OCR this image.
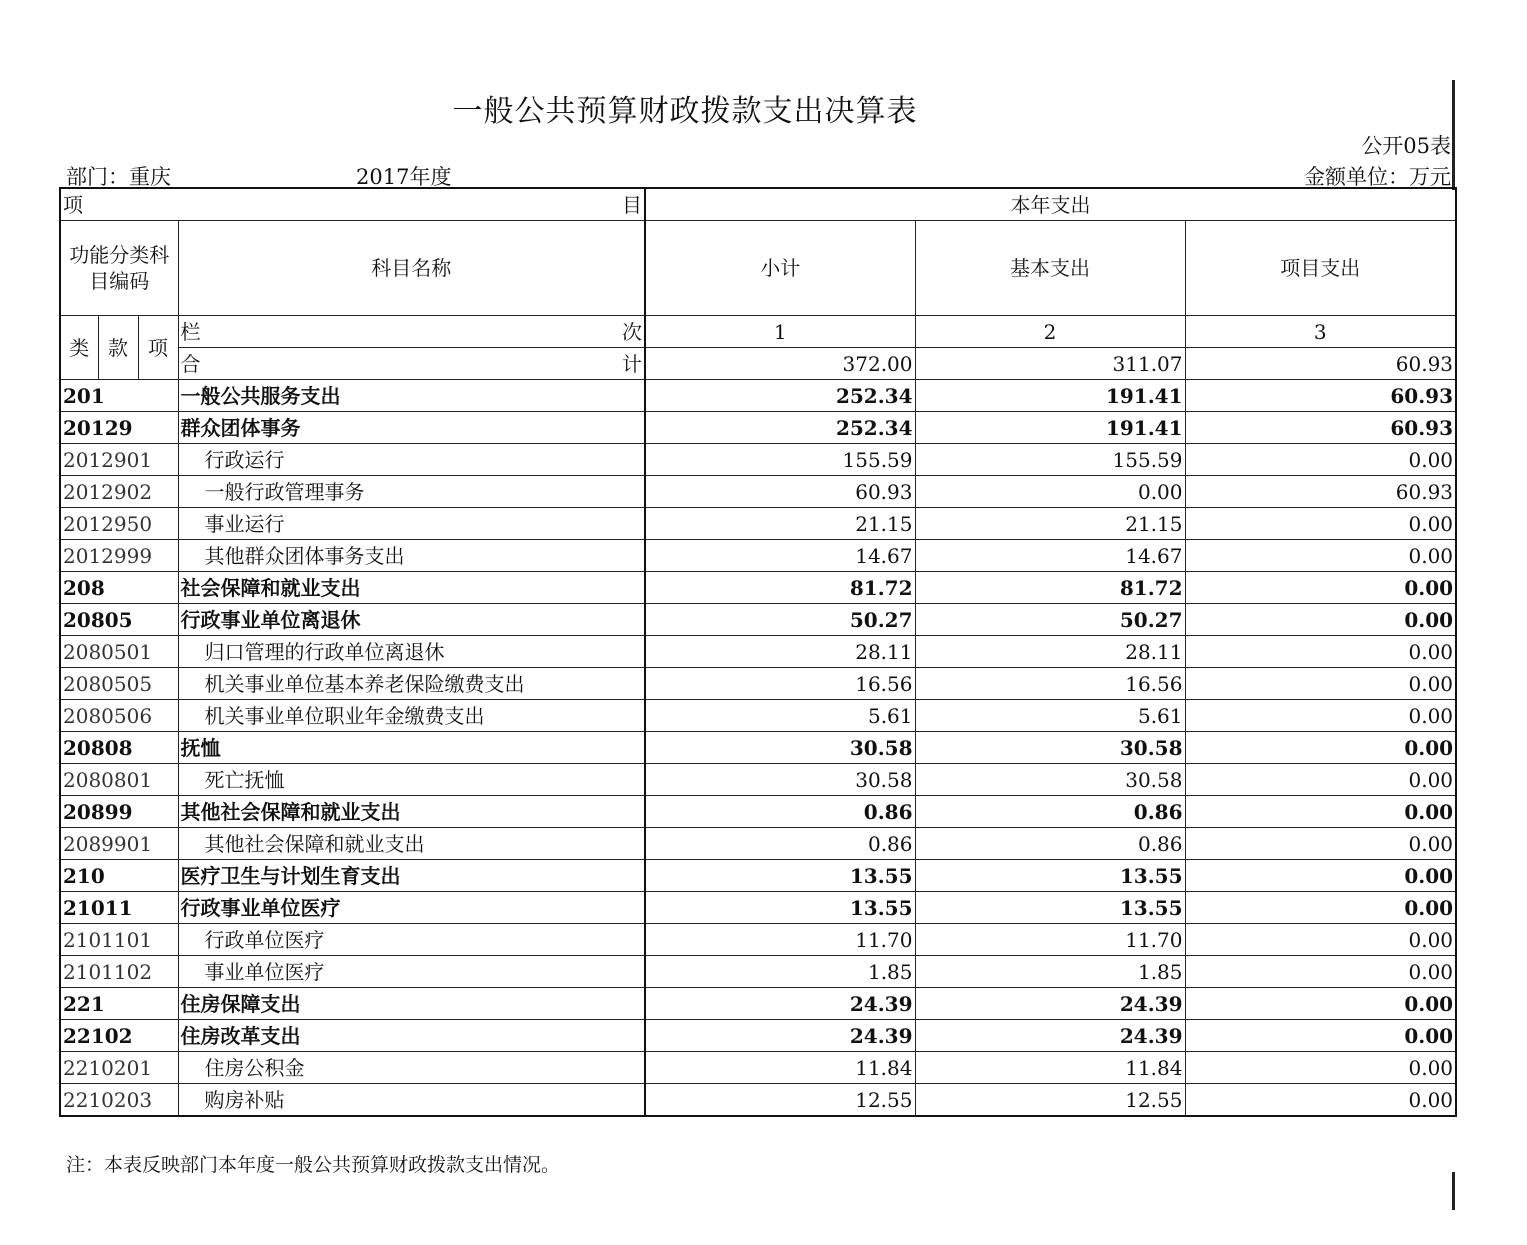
一般公共预算财政拨款支出决算表
公开05表
部门：重庆	2017年度	金额单位：万元
项 目				本年支出		
功能分类科目编码			科目名称	小计	基本支出	项目支出
类	款	项	栏 次	1	2	3

			合 计	372.00	311.07	60.93
201			一般公共服务支出	252.34	191.41	60.93
20129			群众团体事务	252.34	191.41	60.93
2012901			行政运行	155.59	155.59	0.00
2012902			一般行政管理事务	60.93	0.00	60.93
2012950			事业运行	21.15	21.15	0.00
2012999			其他群众团体事务支出	14.67	14.67	0.00
208			社会保障和就业支出	81.72	81.72	0.00
20805			行政事业单位离退休	50.27	50.27	0.00
2080501			归口管理的行政单位离退休	28.11	28.11	0.00
2080505			机关事业单位基本养老保险缴费支出	16.56	16.56	0.00
2080506			机关事业单位职业年金缴费支出	5.61	5.61	0.00
20808			抚恤	30.58	30.58	0.00
2080801			死亡抚恤	30.58	30.58	0.00
20899			其他社会保障和就业支出	0.86	0.86	0.00
2089901			其他社会保障和就业支出	0.86	0.86	0.00
210			医疗卫生与计划生育支出	13.55	13.55	0.00
21011			行政事业单位医疗	13.55	13.55	0.00
2101101			行政单位医疗	11.70	11.70	0.00
2101102			事业单位医疗	1.85	1.85	0.00
221			住房保障支出	24.39	24.39	0.00
22102			住房改革支出	24.39	24.39	0.00
2210201			住房公积金	11.84	11.84	0.00
2210203			购房补贴	12.55	12.55	0.00
注：本表反映部门本年度一般公共预算财政拨款支出情况。
